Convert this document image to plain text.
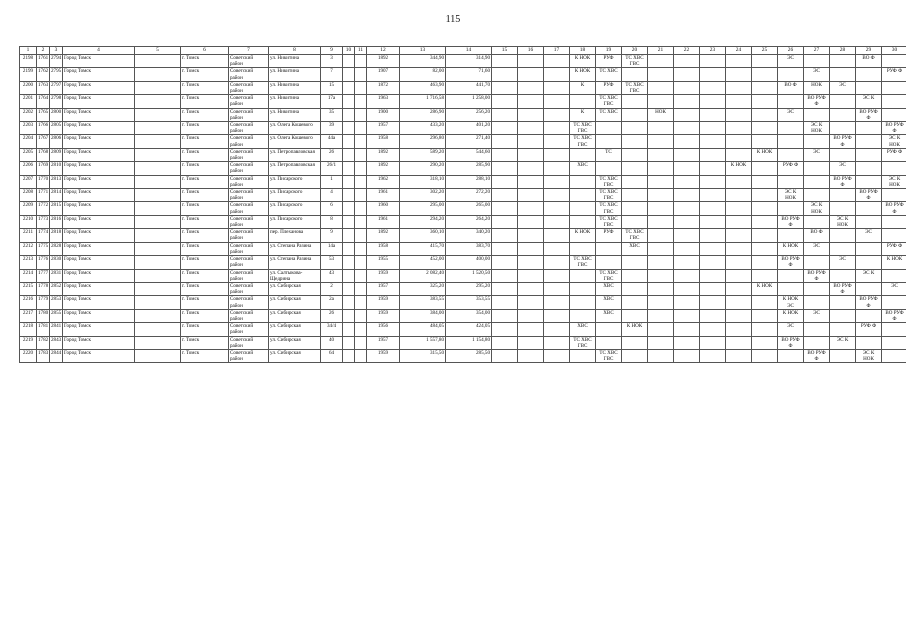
115
1	2	3	4	5	6	7	8	9	10	11	12	13	14	15	16	17	18	19	20	21	22	23	24	25	26	27	28	29	30
2198	1761	2794	Город Томск		г. Томск	Советский район	ул. Никитина	3			1892	344,90	314,90				К НОК	РУФ	ТС ХВС ГВС						ЭС			ВО Ф	
2199	1762	2795	Город Томск		г. Томск	Советский район	ул. Никитина	7			1907	82,00	71,60				К НОК	ТС ХВС								ЭС			РУФ Ф
2200	1763	2797	Город Томск		г. Томск	Советский район	ул. Никитина	15			1872	463,90	441,70				К	РУФ	ТС ХВС ГВС						ВО Ф	НОК	ЭС		
2201	1764	2798	Город Томск		г. Томск	Советский район	ул. Никитина	17а			1963	1 716,58	1 258,00					ТС ХВС ГВС								ВО РУФ Ф		ЭС К	
2202	1765	2800	Город Томск		г. Томск	Советский район	ул. Никитина	35			1900	286,90	256,20				К	ТС ХВС		НОК					ЭС			ВО РУФ Ф	
2203	1766	2805	Город Томск		г. Томск	Советский район	ул. Олега Кошевого	39			1957	433,20	401,20				ТС ХВС ГВС									ЭС К НОК			ВО РУФ Ф
2204	1767	2806	Город Томск		г. Томск	Советский район	ул. Олега Кошевого	44а			1958	296,80	271,40				ТС ХВС ГВС										ВО РУФ Ф		ЭС К НОК
2205	1768	2809	Город Томск		г. Томск	Советский район	ул. Петропавловская	26			1892	589,20	544,60					ТС						К НОК		ЭС			РУФ Ф
2206	1769	2810	Город Томск		г. Томск	Советский район	ул. Петропавловская	26/1			1892	290,20	285,90				ХВС						К НОК		РУФ Ф		ЭС		
2207	1770	2813	Город Томск		г. Томск	Советский район	ул. Писарского	1			1962	318,10	288,10					ТС ХВС ГВС									ВО РУФ Ф		ЭС К НОК
2208	1771	2814	Город Томск		г. Томск	Советский район	ул. Писарского	4			1961	302,20	272,20					ТС ХВС ГВС							ЭС К НОК			ВО РУФ Ф	
2209	1772	2815	Город Томск		г. Томск	Советский район	ул. Писарского	6			1960	295,00	265,00					ТС ХВС ГВС								ЭС К НОК			ВО РУФ Ф
2210	1773	2816	Город Томск		г. Томск	Советский район	ул. Писарского	8			1961	294,20	264,20					ТС ХВС ГВС							ВО РУФ Ф		ЭС К НОК		
2211	1774	2818	Город Томск		г. Томск	Советский район	пер. Плеханова	9			1892	360,10	340,20				К НОК	РУФ	ТС ХВС ГВС							ВО Ф		ЭС	
2212	1775	2828	Город Томск		г. Томск	Советский район	ул. Степана Разина	14а			1958	415,70	383,70						ХВС						К НОК	ЭС			РУФ Ф
2213	1776	2830	Город Томск		г. Томск	Советский район	ул. Степана Разина	53			1955	452,00	400,00				ТС ХВС ГВС								ВО РУФ Ф		ЭС		К НОК
2214	1777	2831	Город Томск		г. Томск	Советский район	ул. Салтыкова-Щедрина	43			1959	2 082,40	1 520,50					ТС ХВС ГВС								ВО РУФ Ф		ЭС К	
2215	1778	2852	Город Томск		г. Томск	Советский район	ул. Сибирская	2			1957	325,20	295,20					ХВС						К НОК			ВО РУФ Ф		ЭС
2216	1779	2853	Город Томск		г. Томск	Советский район	ул. Сибирская	2а			1959	383,55	353,55					ХВС							К НОК ЭС			ВО РУФ Ф	
2217	1780	2855	Город Томск		г. Томск	Советский район	ул. Сибирская	26			1959	384,00	354,00					ХВС							К НОК	ЭС			ВО РУФ Ф
2218	1781	2841	Город Томск		г. Томск	Советский район	ул. Сибирская	34/4			1956	484,05	424,05				ХВС		К НОК						ЭС			РУФ Ф	
2219	1782	2843	Город Томск		г. Томск	Советский район	ул. Сибирская	40			1957	1 557,80	1 154,80				ТС ХВС ГВС								ВО РУФ Ф		ЭС К		
2220	1783	2844	Город Томск		г. Томск	Советский район	ул. Сибирская	64			1959	315,50	285,50					ТС ХВС ГВС								ВО РУФ Ф		ЭС К НОК	
